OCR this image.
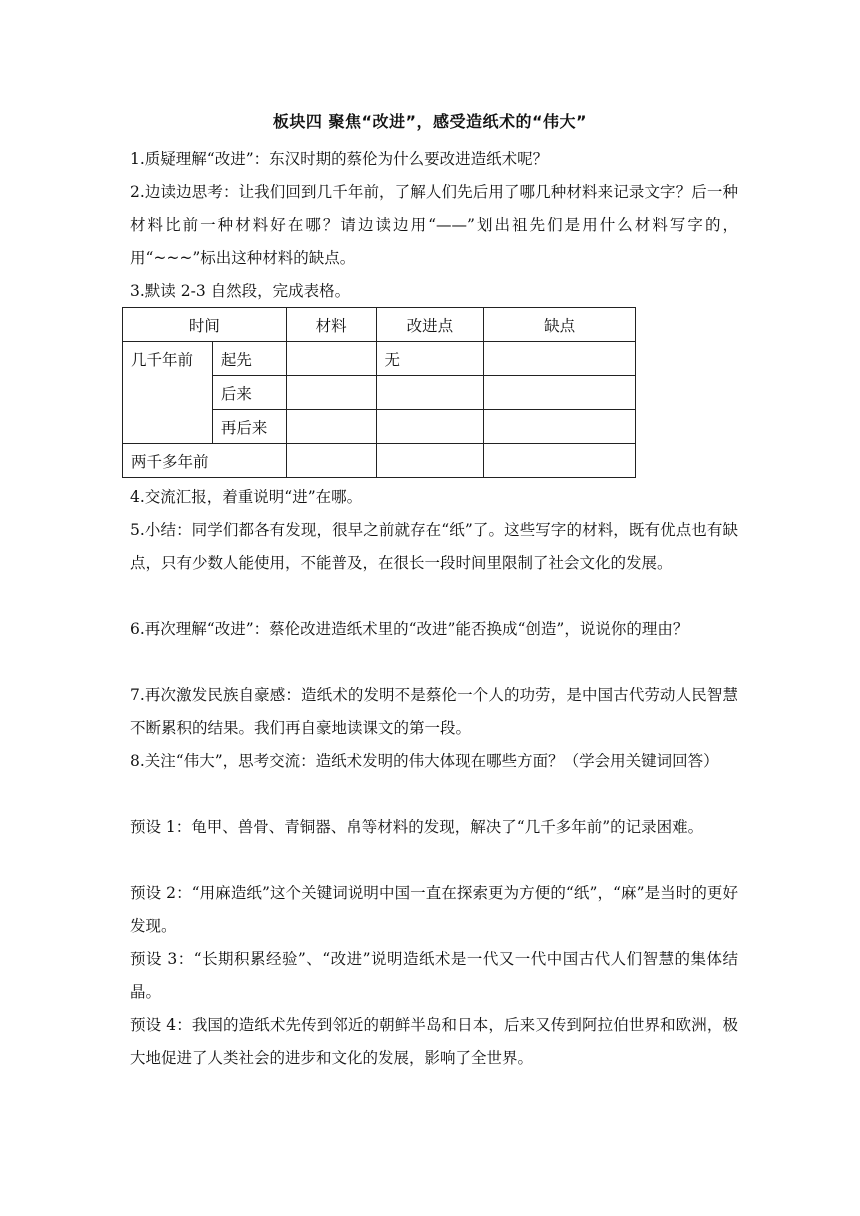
板块四 聚焦“改进”，感受造纸术的“伟大”
1.质疑理解“改进”：东汉时期的蔡伦为什么要改进造纸术呢？
2.边读边思考：让我们回到几千年前，了解人们先后用了哪几种材料来记录文字？后一种材料比前一种材料好在哪？请边读边用“——”划出祖先们是用什么材料写字的，用“~~~”标出这种材料的缺点。
3.默读 2-3 自然段，完成表格。
时间		材料	改进点	缺点
几千年前	起先		无	
	后来			
	再后来			
两千多年前				
4.交流汇报，着重说明“进”在哪。
5.小结：同学们都各有发现，很早之前就存在“纸”了。这些写字的材料，既有优点也有缺点，只有少数人能使用，不能普及，在很长一段时间里限制了社会文化的发展。
6.再次理解“改进”：蔡伦改进造纸术里的“改进”能否换成“创造”，说说你的理由？
7.再次激发民族自豪感：造纸术的发明不是蔡伦一个人的功劳，是中国古代劳动人民智慧不断累积的结果。我们再自豪地读课文的第一段。
8.关注“伟大”，思考交流：造纸术发明的伟大体现在哪些方面？（学会用关键词回答）
预设 1：龟甲、兽骨、青铜器、帛等材料的发现，解决了“几千多年前”的记录困难。
预设 2：“用麻造纸”这个关键词说明中国一直在探索更为方便的“纸”，“麻”是当时的更好发现。
预设 3：“长期积累经验”、“改进”说明造纸术是一代又一代中国古代人们智慧的集体结晶。
预设 4：我国的造纸术先传到邻近的朝鲜半岛和日本，后来又传到阿拉伯世界和欧洲，极大地促进了人类社会的进步和文化的发展，影响了全世界。
